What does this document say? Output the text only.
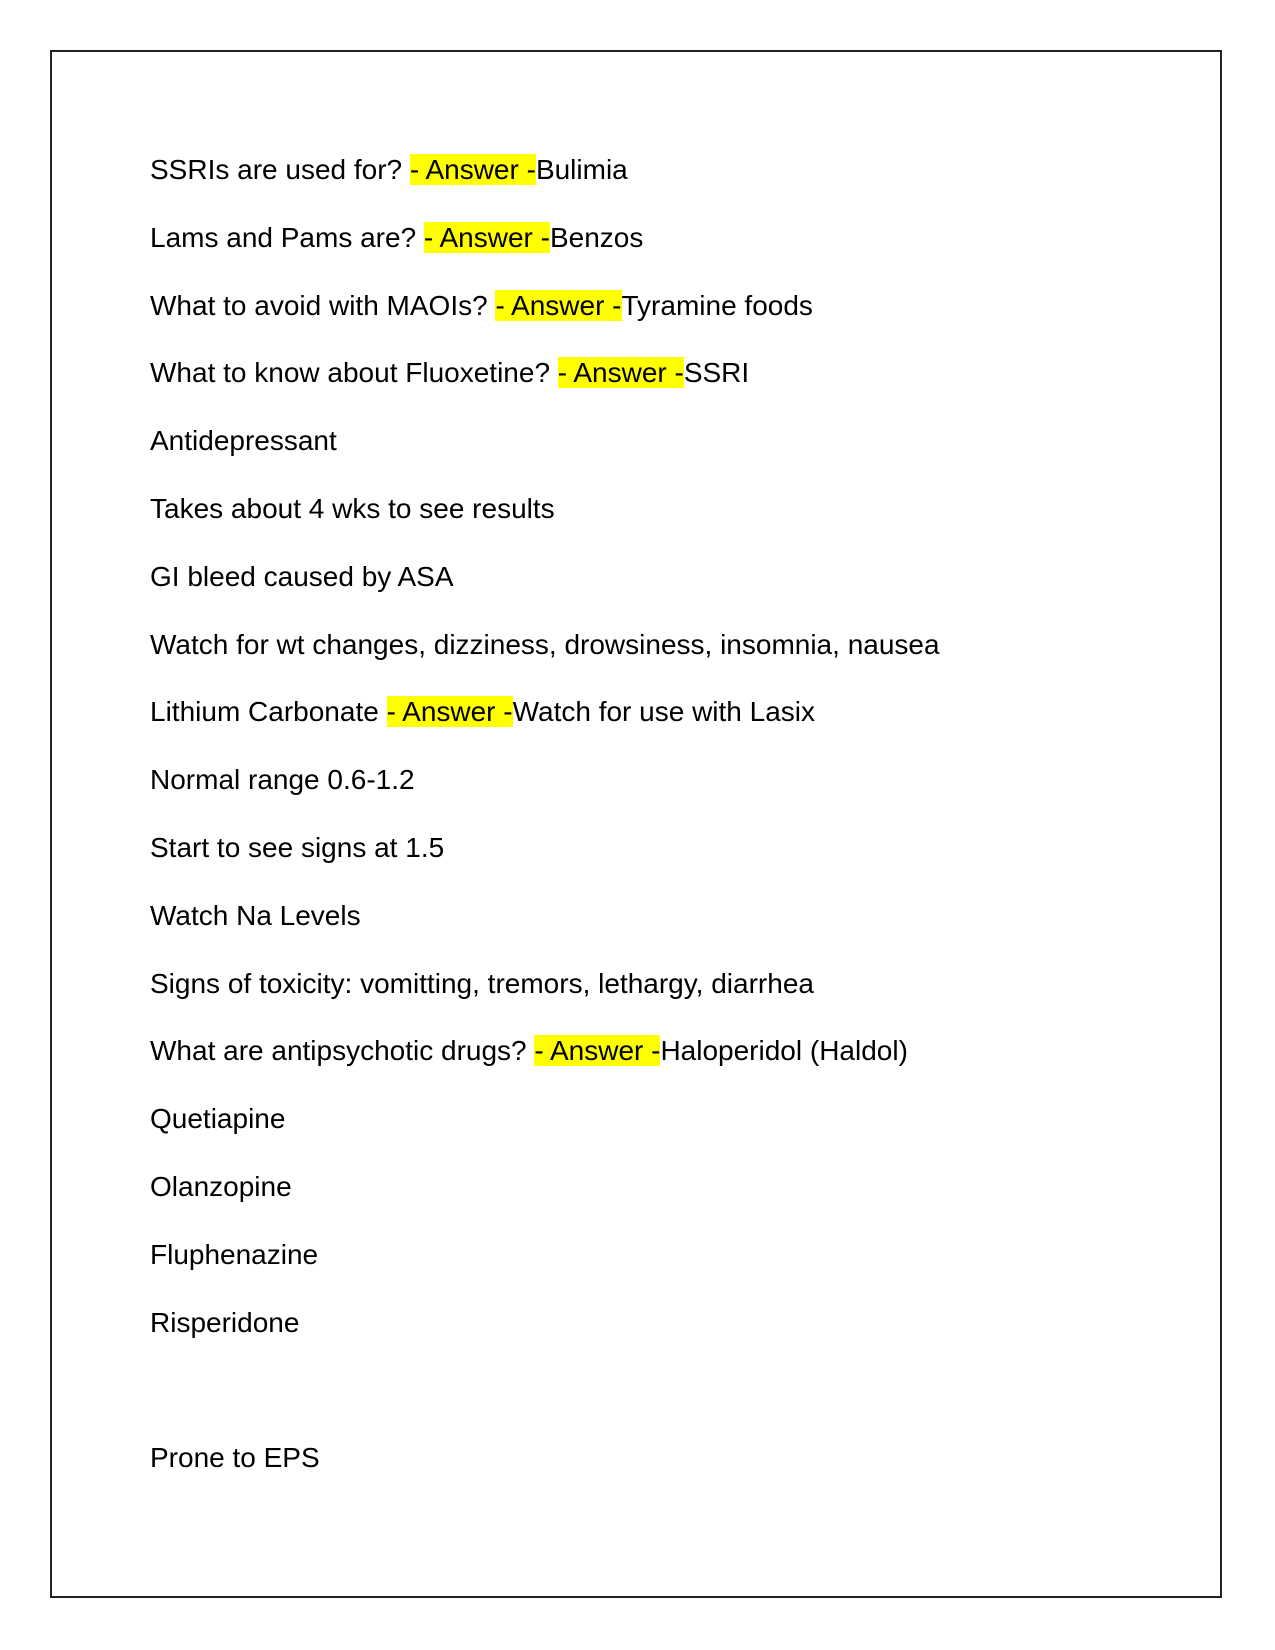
SSRIs are used for? - Answer -Bulimia
Lams and Pams are? - Answer -Benzos
What to avoid with MAOIs? - Answer -Tyramine foods
What to know about Fluoxetine? - Answer -SSRI
Antidepressant
Takes about 4 wks to see results
GI bleed caused by ASA
Watch for wt changes, dizziness, drowsiness, insomnia, nausea
Lithium Carbonate - Answer -Watch for use with Lasix
Normal range 0.6-1.2
Start to see signs at 1.5
Watch Na Levels
Signs of toxicity: vomitting, tremors, lethargy, diarrhea
What are antipsychotic drugs? - Answer -Haloperidol (Haldol)
Quetiapine
Olanzopine
Fluphenazine
Risperidone
Prone to EPS
